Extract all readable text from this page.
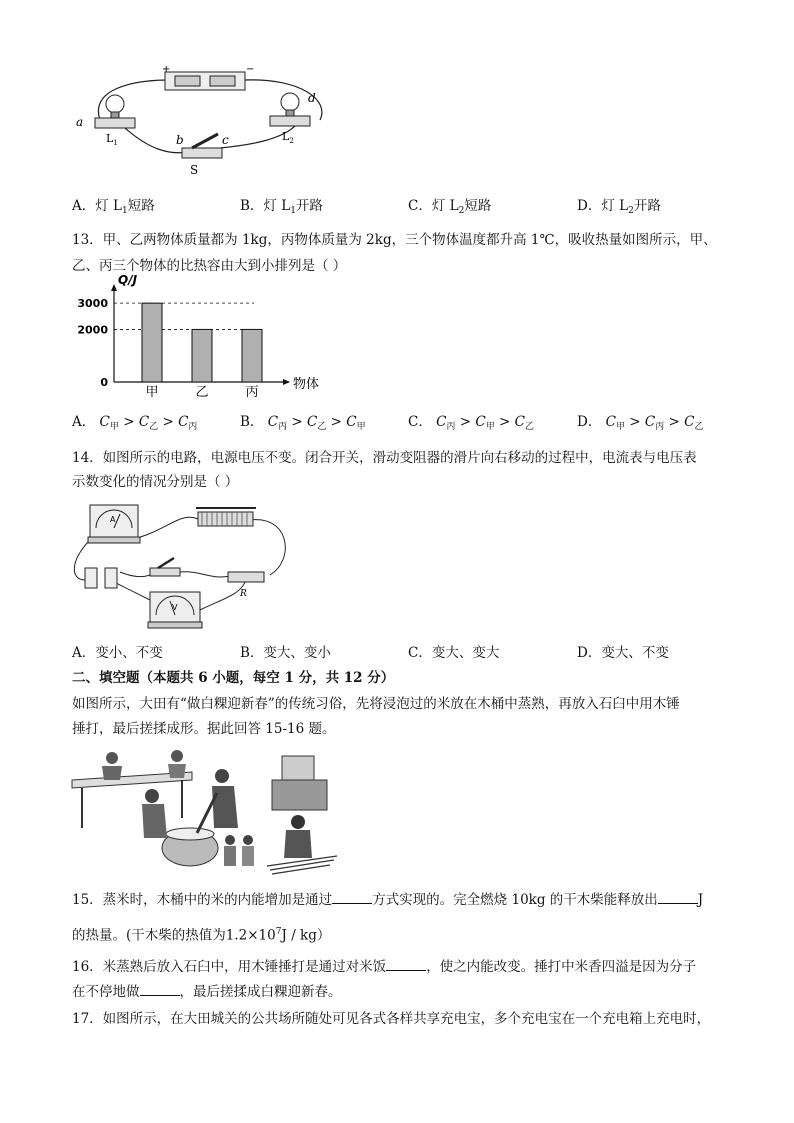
+	−
a
$L_1$
d
$L_2$
b	c
S
A．灯 $L_1$短路	B．灯 $L_1$开路	C．灯 $L_2$短路	D．灯 $L_2$开路
13．甲、乙两物体质量都为 1kg，丙物体质量为 2kg，三个物体温度都升高 1℃，吸收热量如图所示，甲、
乙、丙三个物体的比热容由大到小排列是（ ）
Q/J
物体
3000
2000
0
甲	乙	丙
A． $C_甲 > C_乙 > C_丙$	B． $C_丙 > C_乙 > C_甲$	C． $C_丙 > C_甲 > C_乙$	D． $C_甲 > C_丙 > C_乙$
14．如图所示的电路，电源电压不变。闭合开关，滑动变阻器的滑片向右移动的过程中，电流表与电压表
示数变化的情况分别是（ ）
A
R
V
A．变小、不变	B．变大、变小	C．变大、变大	D．变大、不变
二、填空题（本题共 6 小题，每空 1 分，共 12 分）
如图所示，大田有“做白粿迎新春”的传统习俗，先将浸泡过的米放在木桶中蒸熟，再放入石臼中用木锤
捶打，最后搓揉成形。据此回答 15-16 题。
15．蒸米时，木桶中的米的内能增加是通过	方式实现的。完全燃烧 10kg 的干木柴能释放出	J
的热量。(干木柴的热值为$1.2\times 10^7J / kg$）
16．米蒸熟后放入石臼中，用木锤捶打是通过对米饭	，使之内能改变。捶打中米香四溢是因为分子
在不停地做	，最后搓揉成白粿迎新春。
17．如图所示，在大田城关的公共场所随处可见各式各样共享充电宝，多个充电宝在一个充电箱上充电时，
